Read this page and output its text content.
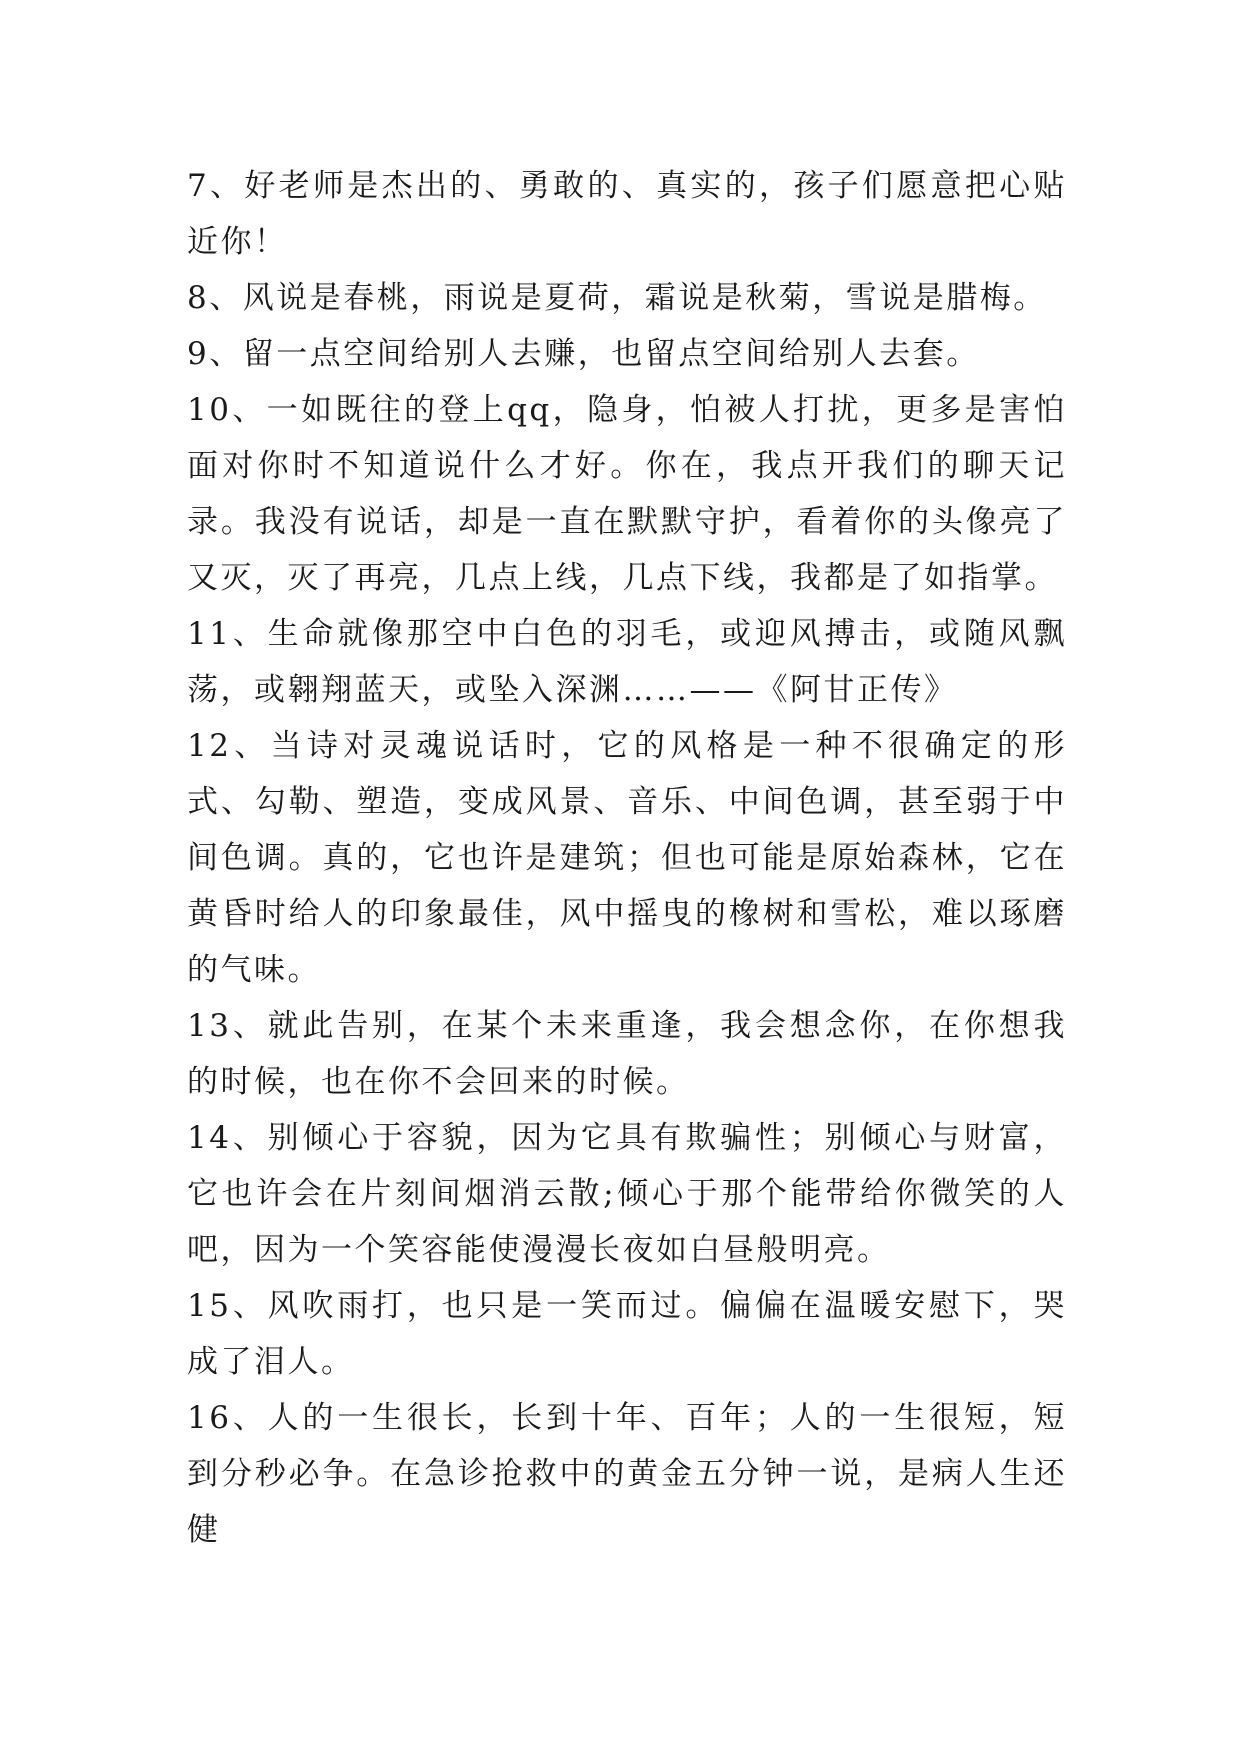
7、好老师是杰出的、勇敢的、真实的，孩子们愿意把心贴近你！

8、风说是春桃，雨说是夏荷，霜说是秋菊，雪说是腊梅。

9、留一点空间给别人去赚，也留点空间给别人去套。

10、一如既往的登上qq，隐身，怕被人打扰，更多是害怕面对你时不知道说什么才好。你在，我点开我们的聊天记录。我没有说话，却是一直在默默守护，看着你的头像亮了又灭，灭了再亮，几点上线，几点下线，我都是了如指掌。

11、生命就像那空中白色的羽毛，或迎风搏击，或随风飘荡，或翱翔蓝天，或坠入深渊……——《阿甘正传》

12、当诗对灵魂说话时，它的风格是一种不很确定的形式、勾勒、塑造，变成风景、音乐、中间色调，甚至弱于中间色调。真的，它也许是建筑；但也可能是原始森林，它在黄昏时给人的印象最佳，风中摇曳的橡树和雪松，难以琢磨的气味。

13、就此告别，在某个未来重逢，我会想念你，在你想我的时候，也在你不会回来的时候。

14、别倾心于容貌，因为它具有欺骗性；别倾心与财富，它也许会在片刻间烟消云散;倾心于那个能带给你微笑的人吧，因为一个笑容能使漫漫长夜如白昼般明亮。

15、风吹雨打，也只是一笑而过。偏偏在温暖安慰下，哭成了泪人。

16、人的一生很长，长到十年、百年；人的一生很短，短到分秒必争。在急诊抢救中的黄金五分钟一说，是病人生还健
